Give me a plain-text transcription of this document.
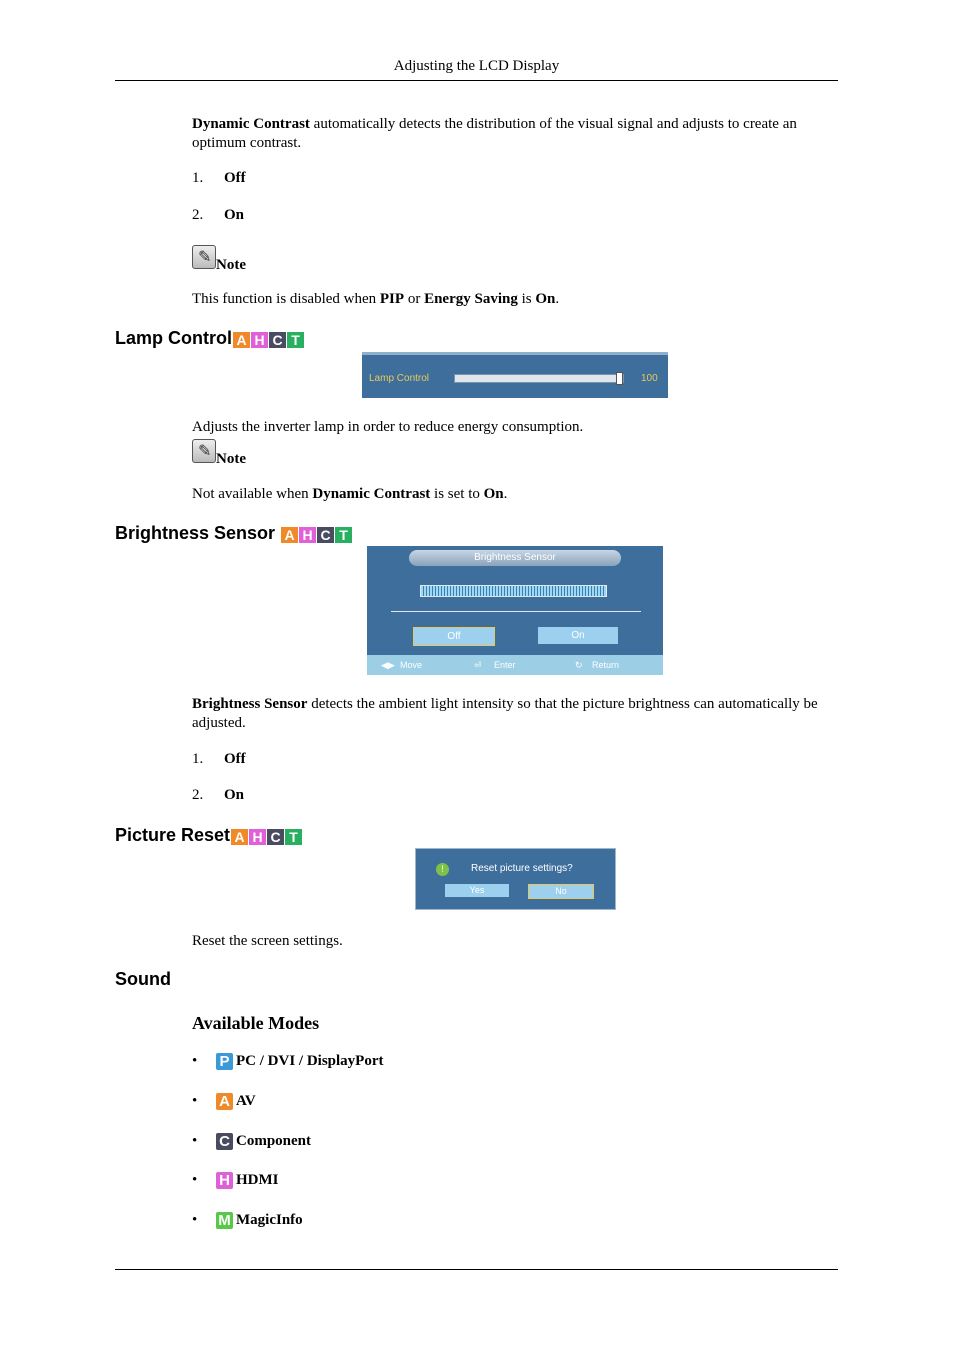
Adjusting the LCD Display
Dynamic Contrast automatically detects the distribution of the visual signal and adjusts to create an optimum contrast.
1. Off
2. On
✎ Note
This function is disabled when PIP or Energy Saving is On.
Lamp Control A H C T
Lamp Control	100
Adjusts the inverter lamp in order to reduce energy consumption.
✎ Note
Not available when Dynamic Contrast is set to On.
Brightness Sensor A H C T
Brightness Sensor
Off	On
◀▶ Move	⏎ Enter	↻ Return
Brightness Sensor detects the ambient light intensity so that the picture brightness can automatically be adjusted.
1. Off
2. On
Picture Reset A H C T
!	Reset picture settings?
Yes	No
Reset the screen settings.
Sound
Available Modes
• P PC / DVI / DisplayPort
• A AV
• C Component
• H HDMI
• M MagicInfo
